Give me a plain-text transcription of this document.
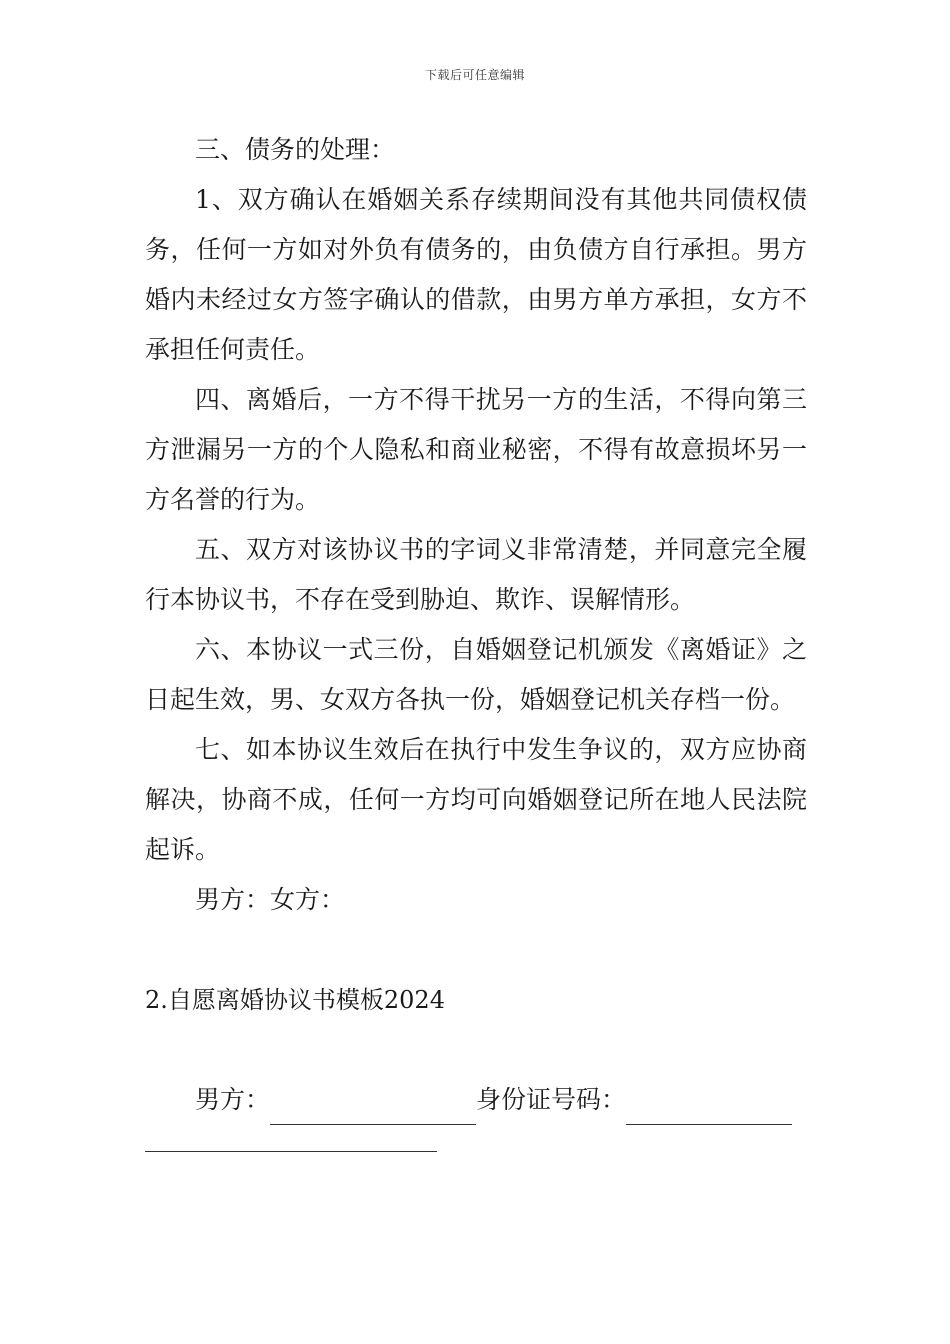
下载后可任意编辑

三、债务的处理：

1、双方确认在婚姻关系存续期间没有其他共同债权债务，任何一方如对外负有债务的，由负债方自行承担。男方婚内未经过女方签字确认的借款，由男方单方承担，女方不承担任何责任。

四、离婚后，一方不得干扰另一方的生活，不得向第三方泄漏另一方的个人隐私和商业秘密，不得有故意损坏另一方名誉的行为。

五、双方对该协议书的字词义非常清楚，并同意完全履行本协议书，不存在受到胁迫、欺诈、误解情形。

六、本协议一式三份，自婚姻登记机颁发《离婚证》之日起生效，男、女双方各执一份，婚姻登记机关存档一份。

七、如本协议生效后在执行中发生争议的，双方应协商解决，协商不成，任何一方均可向婚姻登记所在地人民法院起诉。

男方：女方：

2.自愿离婚协议书模板2024

男方：	身份证号码：
